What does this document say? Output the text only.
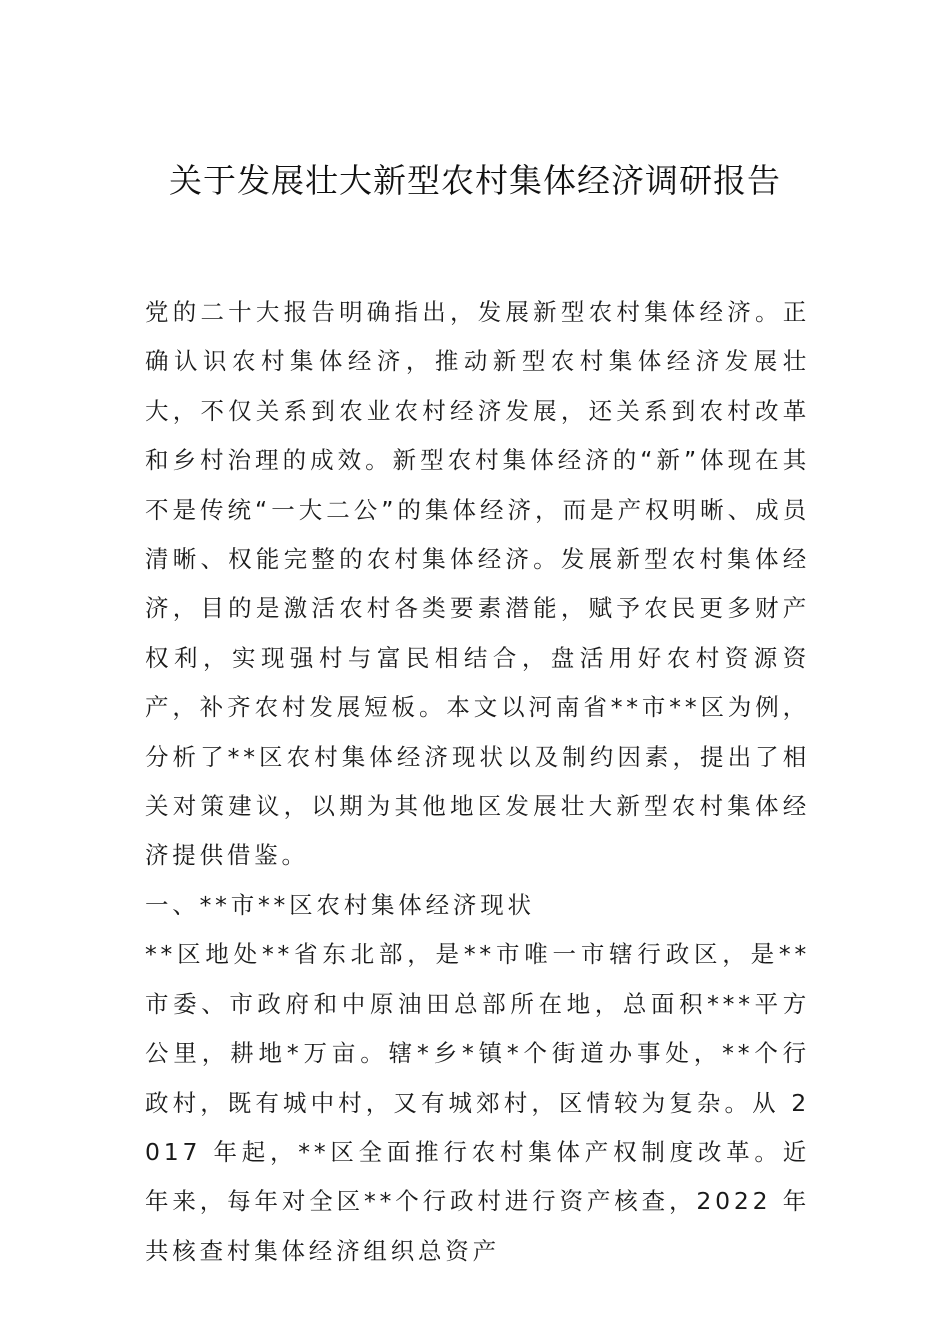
关于发展壮大新型农村集体经济调研报告

党的二十大报告明确指出，发展新型农村集体经济。正确认识农村集体经济，推动新型农村集体经济发展壮大，不仅关系到农业农村经济发展，还关系到农村改革和乡村治理的成效。新型农村集体经济的“新”体现在其不是传统“一大二公”的集体经济，而是产权明晰、成员清晰、权能完整的农村集体经济。发展新型农村集体经济，目的是激活农村各类要素潜能，赋予农民更多财产权利，实现强村与富民相结合，盘活用好农村资源资产，补齐农村发展短板。本文以河南省**市**区为例，分析了**区农村集体经济现状以及制约因素，提出了相关对策建议，以期为其他地区发展壮大新型农村集体经济提供借鉴。

一、**市**区农村集体经济现状

**区地处**省东北部，是**市唯一市辖行政区，是**市委、市政府和中原油田总部所在地，总面积***平方公里，耕地*万亩。辖*乡*镇*个街道办事处，**个行政村，既有城中村，又有城郊村，区情较为复杂。从 2017 年起，**区全面推行农村集体产权制度改革。近年来，每年对全区**个行政村进行资产核查，2022 年共核查村集体经济组织总资产
